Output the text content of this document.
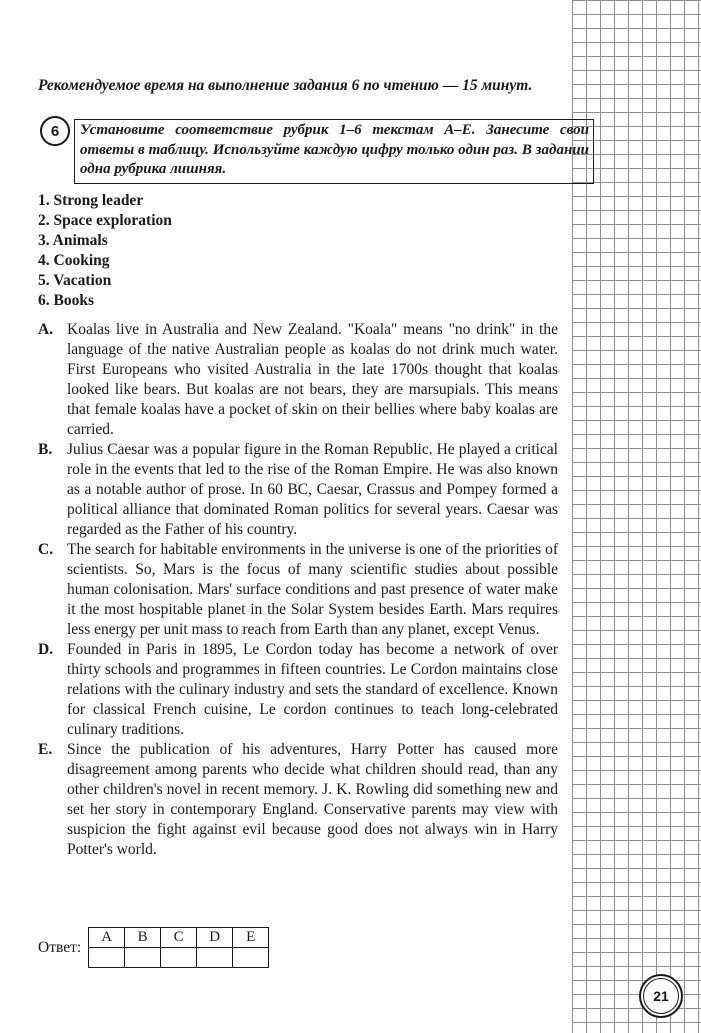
Рекомендуемое время на выполнение задания 6 по чтению — 15 минут.
6	Установите соответствие рубрик 1–6 текстам A–E. Занесите свои ответы в таблицу. Используйте каждую цифру только один раз. В задании одна рубрика лишняя.
1. Strong leader
2. Space exploration
3. Animals
4. Cooking
5. Vacation
6. Books
A. Koalas live in Australia and New Zealand. "Koala" means "no drink" in the language of the native Australian people as koalas do not drink much water. First Europeans who visited Australia in the late 1700s thought that koalas looked like bears. But koalas are not bears, they are marsupials. This means that female koalas have a pocket of skin on their bellies where baby koalas are carried.
B. Julius Caesar was a popular figure in the Roman Republic. He played a critical role in the events that led to the rise of the Roman Empire. He was also known as a notable author of prose. In 60 BC, Caesar, Crassus and Pompey formed a political alliance that dominated Roman politics for several years. Caesar was regarded as the Father of his country.
C. The search for habitable environments in the universe is one of the priorities of scientists. So, Mars is the focus of many scientific studies about possible human colonisation. Mars' surface conditions and past presence of water make it the most hospitable planet in the Solar System besides Earth. Mars requires less energy per unit mass to reach from Earth than any planet, except Venus.
D. Founded in Paris in 1895, Le Cordon today has become a network of over thirty schools and programmes in fifteen countries. Le Cordon maintains close relations with the culinary industry and sets the standard of excellence. Known for classical French cuisine, Le cordon continues to teach long-celebrated culinary traditions.
E. Since the publication of his adventures, Harry Potter has caused more disagreement among parents who decide what children should read, than any other children's novel in recent memory. J. K. Rowling did something new and set her story in contemporary England. Conservative parents may view with suspicion the fight against evil because good does not always win in Harry Potter's world.
Ответ:
A	B	C	D	E

21
